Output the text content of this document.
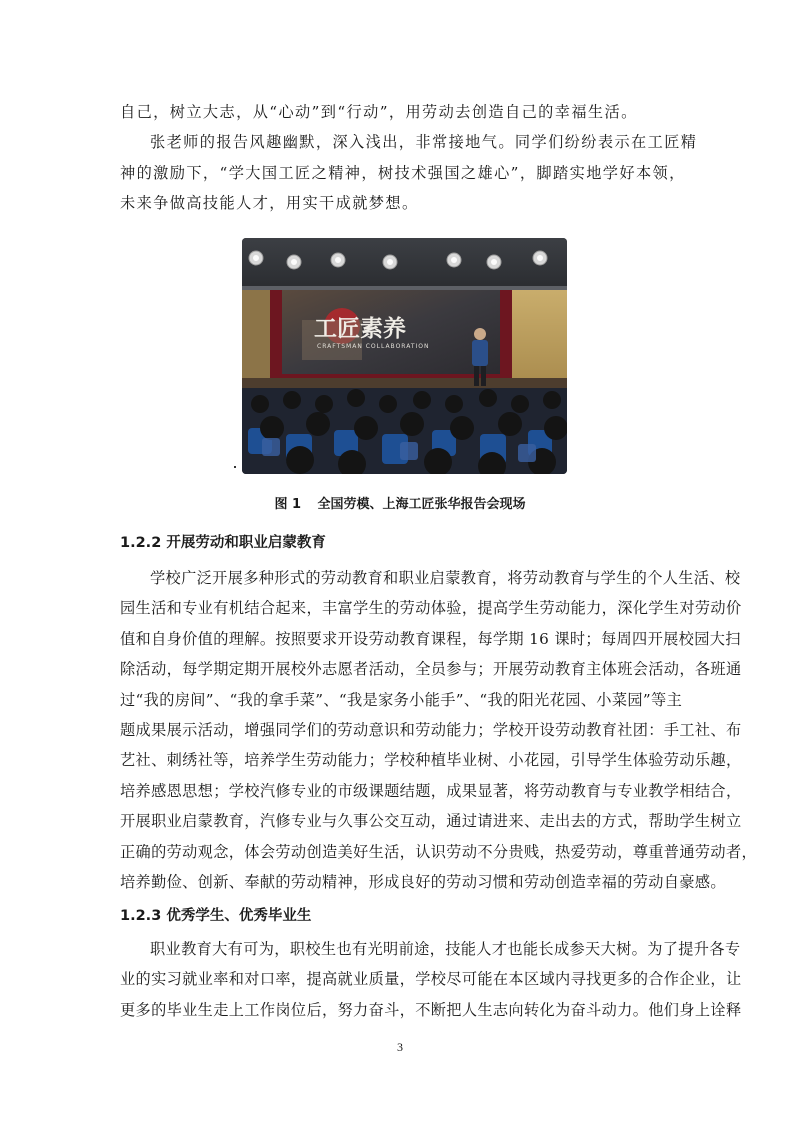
自己，树立大志，从“心动”到“行动”，用劳动去创造自己的幸福生活。
张老师的报告风趣幽默，深入浅出，非常接地气。同学们纷纷表示在工匠精
神的激励下，“学大国工匠之精神，树技术强国之雄心”，脚踏实地学好本领，
未来争做高技能人才，用实干成就梦想。
工匠素养
CRAFTSMAN COLLABORATION
图 1 全国劳模、上海工匠张华报告会现场
1.2.2 开展劳动和职业启蒙教育
学校广泛开展多种形式的劳动教育和职业启蒙教育，将劳动教育与学生的个人生活、校
园生活和专业有机结合起来，丰富学生的劳动体验，提高学生劳动能力，深化学生对劳动价
值和自身价值的理解。按照要求开设劳动教育课程，每学期 16 课时；每周四开展校园大扫
除活动，每学期定期开展校外志愿者活动，全员参与；开展劳动教育主体班会活动，各班通
过“我的房间”、“我的拿手菜”、“我是家务小能手”、“我的阳光花园、小菜园”等主
题成果展示活动，增强同学们的劳动意识和劳动能力；学校开设劳动教育社团：手工社、布
艺社、刺绣社等，培养学生劳动能力；学校种植毕业树、小花园，引导学生体验劳动乐趣，
培养感恩思想；学校汽修专业的市级课题结题，成果显著，将劳动教育与专业教学相结合，
开展职业启蒙教育，汽修专业与久事公交互动，通过请进来、走出去的方式，帮助学生树立
正确的劳动观念，体会劳动创造美好生活，认识劳动不分贵贱，热爱劳动，尊重普通劳动者，
培养勤俭、创新、奉献的劳动精神，形成良好的劳动习惯和劳动创造幸福的劳动自豪感。
1.2.3 优秀学生、优秀毕业生
职业教育大有可为，职校生也有光明前途，技能人才也能长成参天大树。为了提升各专
业的实习就业率和对口率，提高就业质量，学校尽可能在本区域内寻找更多的合作企业，让
更多的毕业生走上工作岗位后，努力奋斗，不断把人生志向转化为奋斗动力。他们身上诠释
3
